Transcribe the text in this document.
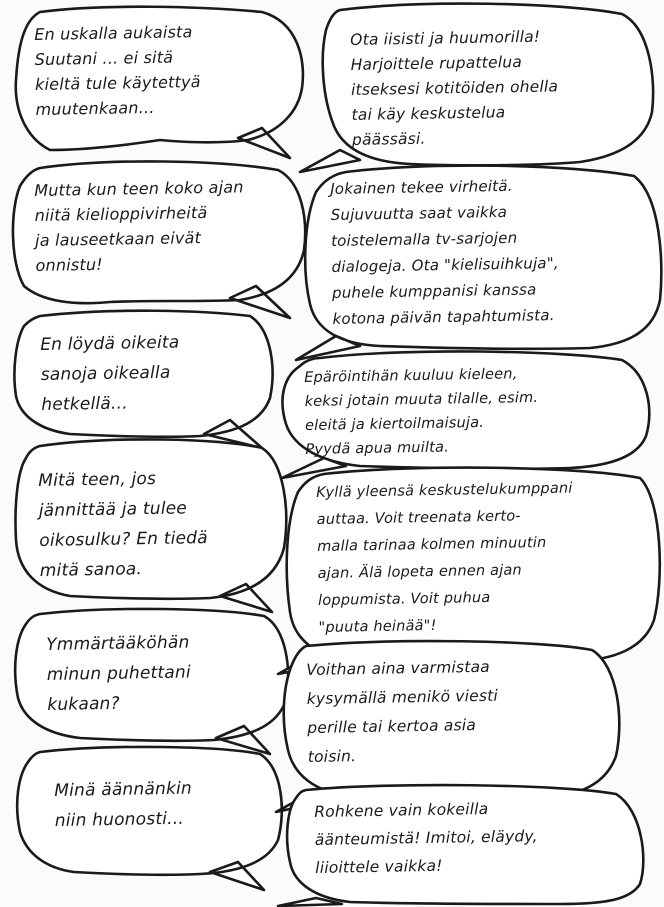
En uskalla aukaista
Suutani ... ei sitä
kieltä tule käytettyä
muutenkaan...
Mutta kun teen koko ajan
niitä kielioppivirheitä
ja lauseetkaan eivät
onnistu!
En löydä oikeita
sanoja oikealla
hetkellä...
Mitä teen, jos
jännittää ja tulee
oikosulku? En tiedä
mitä sanoa.
Ymmärtääköhän
minun puhettani
kukaan?
Minä äännänkin
niin huonosti...
Ota iisisti ja huumorilla!
Harjoittele rupattelua
itseksesi kotitöiden ohella
tai käy keskustelua
päässäsi.
Jokainen tekee virheitä.
Sujuvuutta saat vaikka
toistelemalla tv-sarjojen
dialogeja. Ota "kielisuihkuja",
puhele kumppanisi kanssa
kotona päivän tapahtumista.
Epäröintihän kuuluu kieleen,
keksi jotain muuta tilalle, esim.
eleitä ja kiertoilmaisuja.
Pyydä apua muilta.
Kyllä yleensä keskustelukumppani
auttaa. Voit treenata kerto-
malla tarinaa kolmen minuutin
ajan. Älä lopeta ennen ajan
loppumista. Voit puhua
"puuta heinää"!
Voithan aina varmistaa
kysymällä menikö viesti
perille tai kertoa asia
toisin.
Rohkene vain kokeilla
äänteumistä! Imitoi, eläydy,
liioittele vaikka!
